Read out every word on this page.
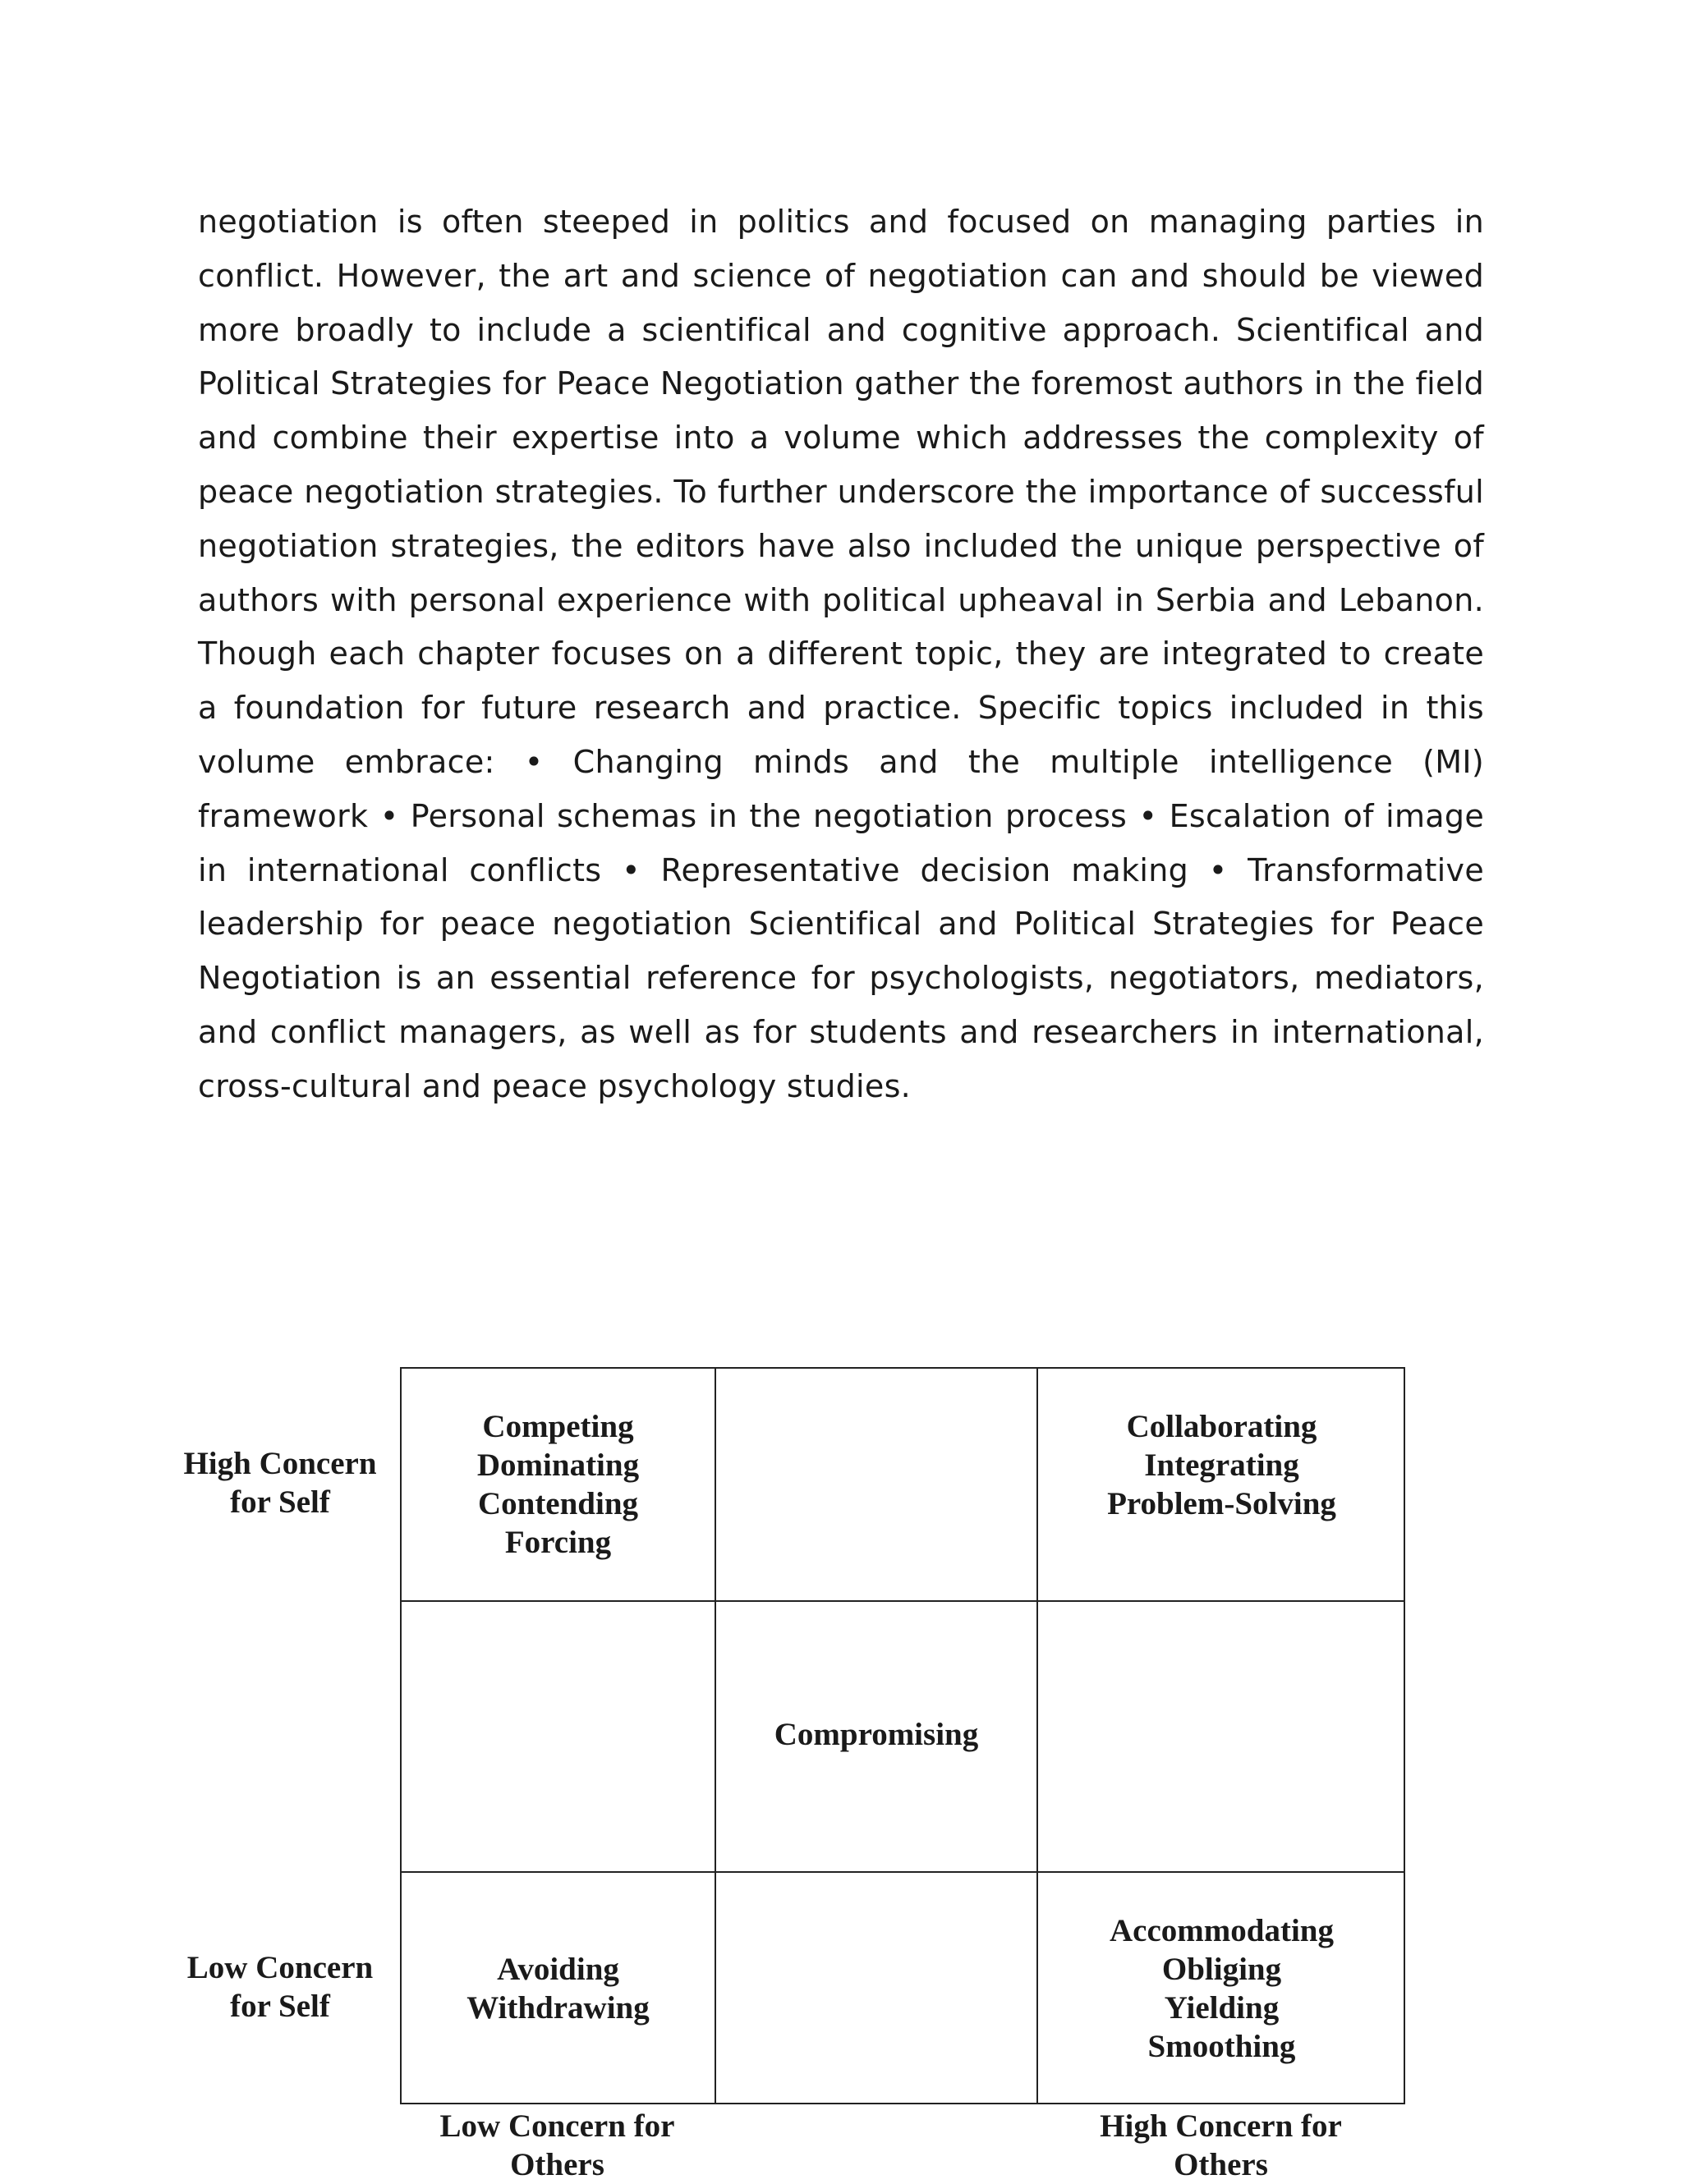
negotiation is often steeped in politics and focused on managing parties in conflict. However, the art and science of negotiation can and should be viewed more broadly to include a scientifical and cognitive approach. Scientifical and Political Strategies for Peace Negotiation gather the foremost authors in the field and combine their expertise into a volume which addresses the complexity of peace negotiation strategies. To further underscore the importance of successful negotiation strategies, the editors have also included the unique perspective of authors with personal experience with political upheaval in Serbia and Lebanon. Though each chapter focuses on a different topic, they are integrated to create a foundation for future research and practice. Specific topics included in this volume embrace: • Changing minds and the multiple intelligence (MI) framework • Personal schemas in the negotiation process • Escalation of image in international conflicts • Representative decision making • Transformative leadership for peace negotiation Scientifical and Political Strategies for Peace Negotiation is an essential reference for psychologists, negotiators, mediators, and conflict managers, as well as for students and researchers in international, cross-cultural and peace psychology studies.

High Concern
for Self
Low Concern
for Self
Competing
Dominating
Contending
Forcing
Collaborating
Integrating
Problem-Solving
Compromising
Avoiding
Withdrawing
Accommodating
Obliging
Yielding
Smoothing
Low Concern for
Others
High Concern for
Others
